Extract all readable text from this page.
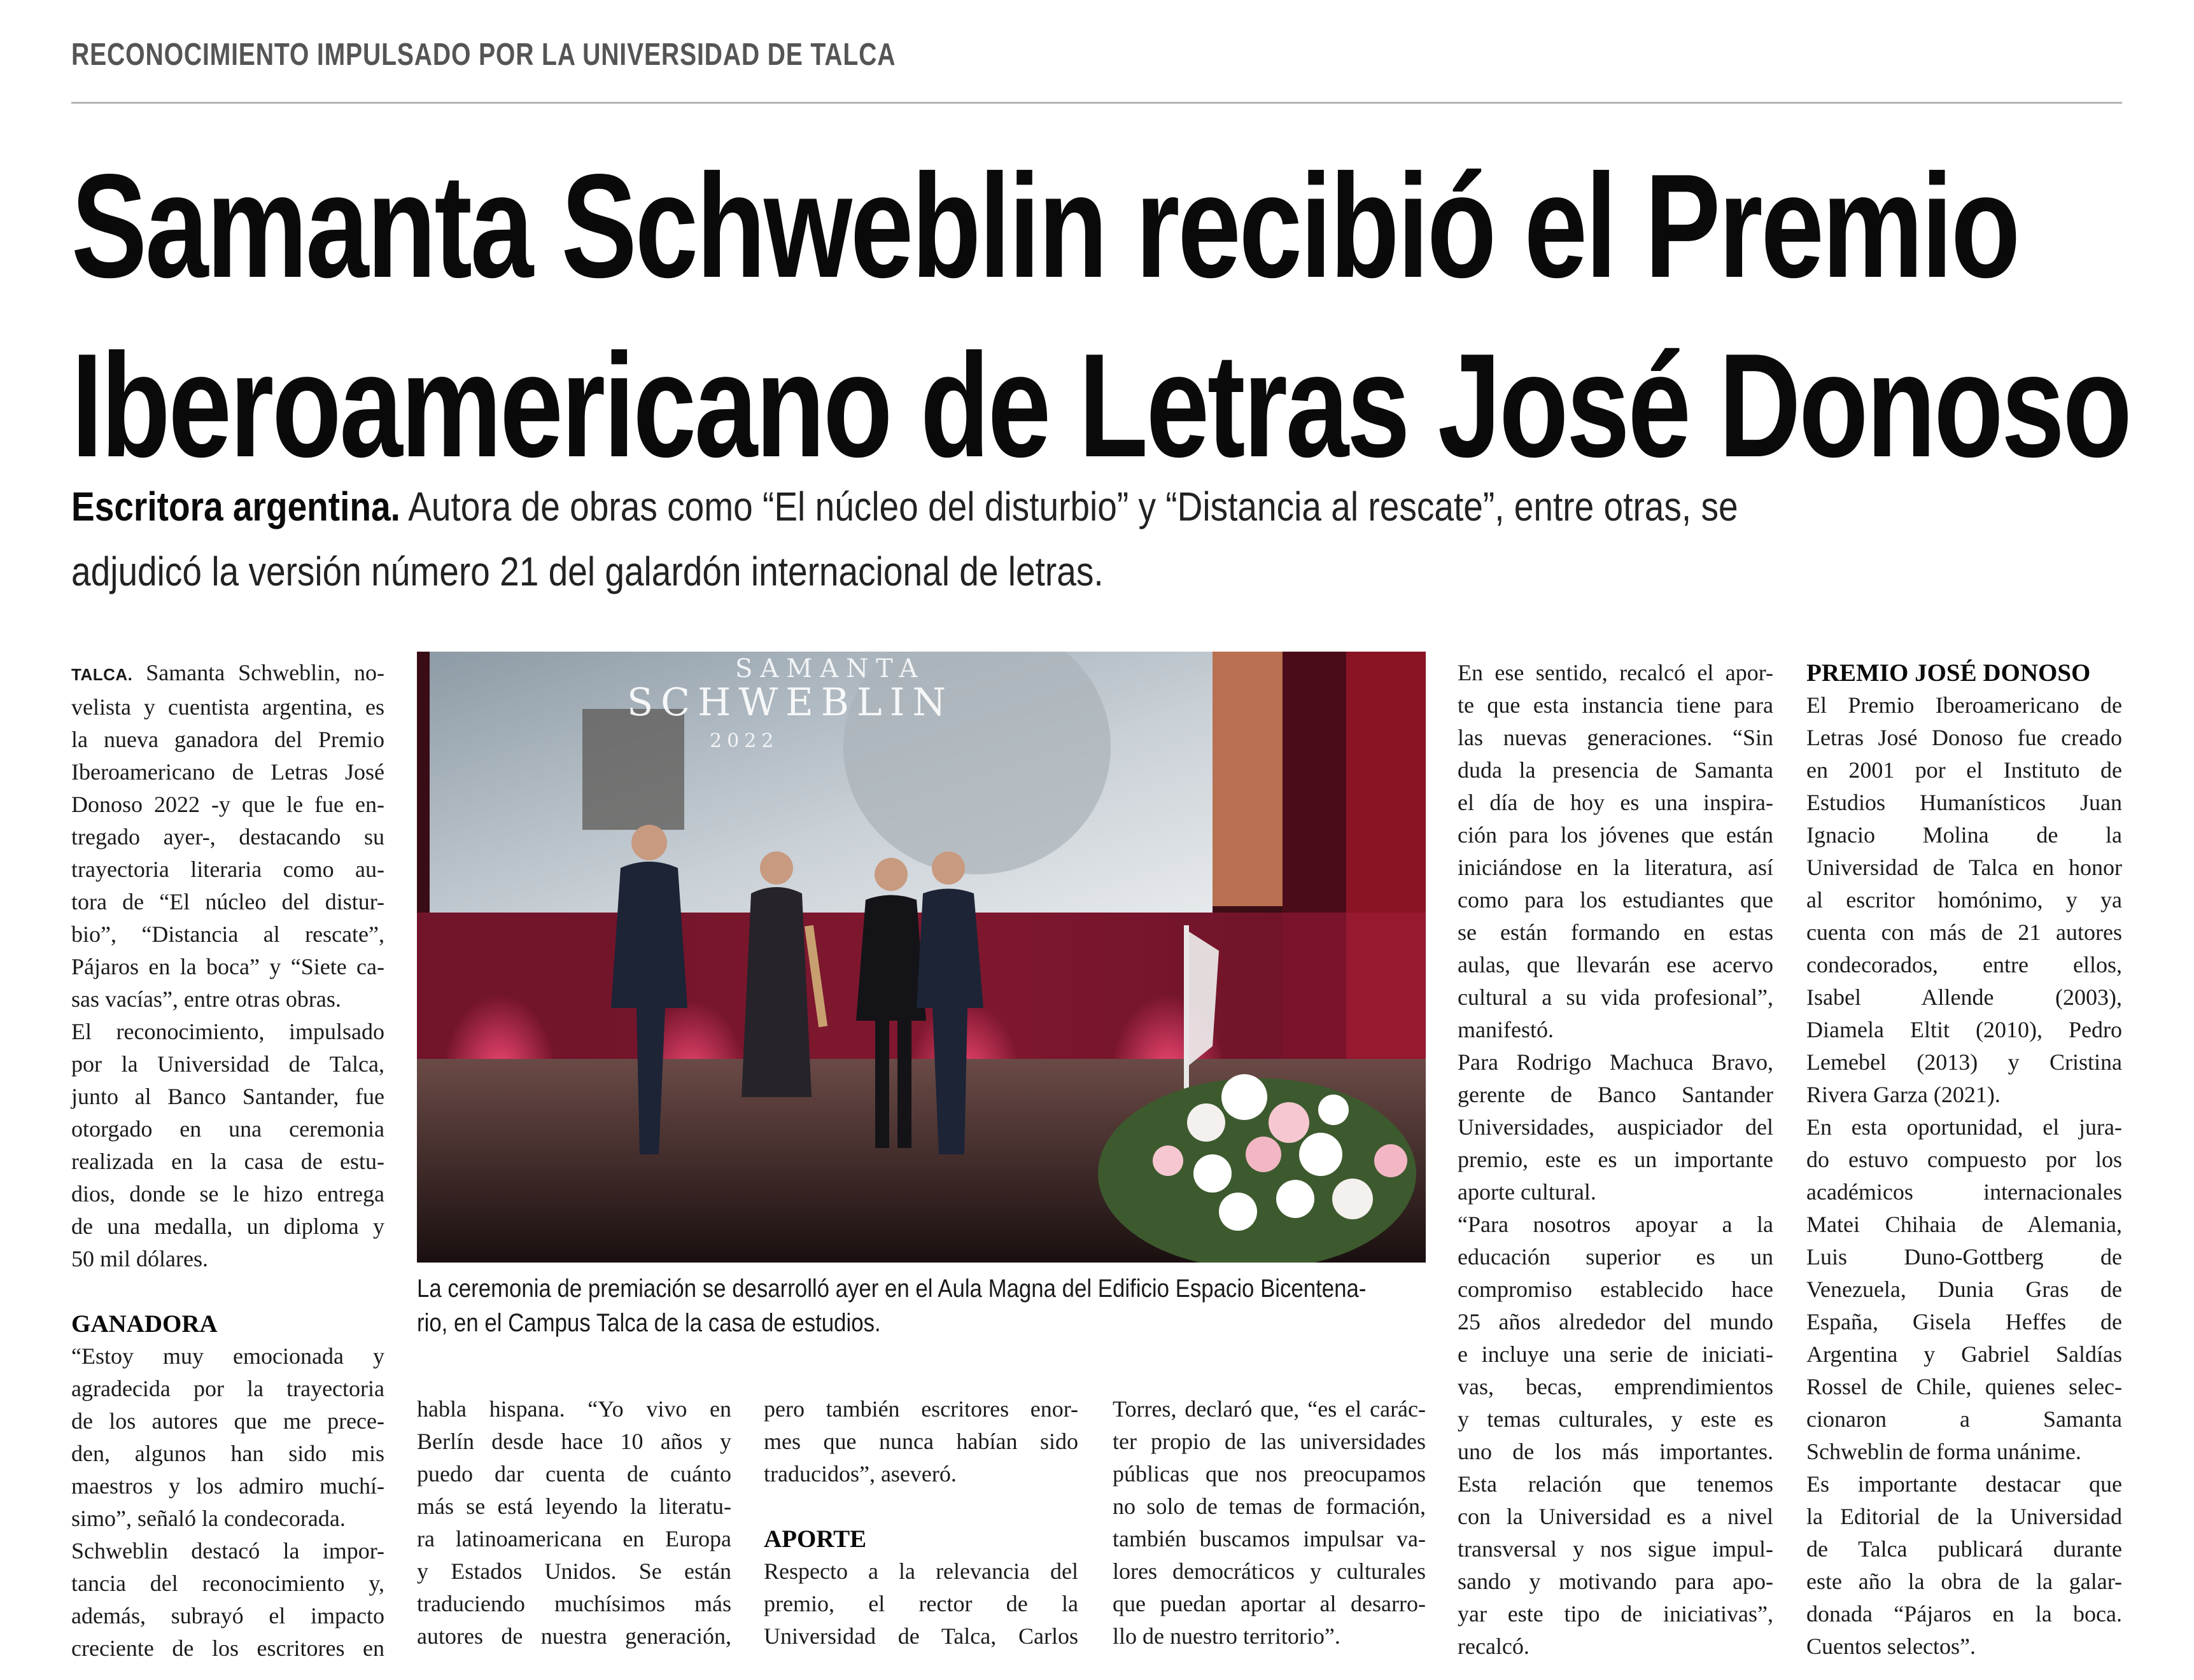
RECONOCIMIENTO IMPULSADO POR LA UNIVERSIDAD DE TALCA
Samanta Schweblin recibió el Premio
Iberoamericano de Letras José Donoso
Escritora argentina. Autora de obras como “El núcleo del disturbio” y “Distancia al rescate”, entre otras, se
adjudicó la versión número 21 del galardón internacional de letras.

TALCA. Samanta Schweblin, no-

velista y cuentista argentina, es

la nueva ganadora del Premio

Iberoamericano de Letras José

Donoso 2022 -y que le fue en-

tregado ayer-, destacando su

trayectoria literaria como au-

tora de “El núcleo del distur-

bio”, “Distancia al rescate”,

Pájaros en la boca” y “Siete ca-

sas vacías”, entre otras obras.

El reconocimiento, impulsado

por la Universidad de Talca,

junto al Banco Santander, fue

otorgado en una ceremonia

realizada en la casa de estu-

dios, donde se le hizo entrega

de una medalla, un diploma y

50 mil dólares.

GANADORA

“Estoy muy emocionada y

agradecida por la trayectoria

de los autores que me prece-

den, algunos han sido mis

maestros y los admiro muchí-

simo”, señaló la condecorada.

Schweblin destacó la impor-

tancia del reconocimiento y,

además, subrayó el impacto

creciente de los escritores en

SAMANTA
SCHWEBLIN
2022
La ceremonia de premiación se desarrolló ayer en el Aula Magna del Edificio Espacio Bicentena-
rio, en el Campus Talca de la casa de estudios.

habla hispana. “Yo vivo en

Berlín desde hace 10 años y

puedo dar cuenta de cuánto

más se está leyendo la literatu-

ra latinoamericana en Europa

y Estados Unidos. Se están

traduciendo muchísimos más

autores de nuestra generación,

pero también escritores enor-

mes que nunca habían sido

traducidos”, aseveró.

APORTE

Respecto a la relevancia del

premio, el rector de la

Universidad de Talca, Carlos

Torres, declaró que, “es el carác-

ter propio de las universidades

públicas que nos preocupamos

no solo de temas de formación,

también buscamos impulsar va-

lores democráticos y culturales

que puedan aportar al desarro-

llo de nuestro territorio”.

En ese sentido, recalcó el apor-

te que esta instancia tiene para

las nuevas generaciones. “Sin

duda la presencia de Samanta

el día de hoy es una inspira-

ción para los jóvenes que están

iniciándose en la literatura, así

como para los estudiantes que

se están formando en estas

aulas, que llevarán ese acervo

cultural a su vida profesional”,

manifestó.

Para Rodrigo Machuca Bravo,

gerente de Banco Santander

Universidades, auspiciador del

premio, este es un importante

aporte cultural.

“Para nosotros apoyar a la

educación superior es un

compromiso establecido hace

25 años alrededor del mundo

e incluye una serie de iniciati-

vas, becas, emprendimientos

y temas culturales, y este es

uno de los más importantes.

Esta relación que tenemos

con la Universidad es a nivel

transversal y nos sigue impul-

sando y motivando para apo-

yar este tipo de iniciativas”,

recalcó.

PREMIO JOSÉ DONOSO

El Premio Iberoamericano de

Letras José Donoso fue creado

en 2001 por el Instituto de

Estudios Humanísticos Juan

Ignacio Molina de la

Universidad de Talca en honor

al escritor homónimo, y ya

cuenta con más de 21 autores

condecorados, entre ellos,

Isabel Allende (2003),

Diamela Eltit (2010), Pedro

Lemebel (2013) y Cristina

Rivera Garza (2021).

En esta oportunidad, el jura-

do estuvo compuesto por los

académicos internacionales

Matei Chihaia de Alemania,

Luis Duno-Gottberg de

Venezuela, Dunia Gras de

España, Gisela Heffes de

Argentina y Gabriel Saldías

Rossel de Chile, quienes selec-

cionaron a Samanta

Schweblin de forma unánime.

Es importante destacar que

la Editorial de la Universidad

de Talca publicará durante

este año la obra de la galar-

donada “Pájaros en la boca.

Cuentos selectos”.
